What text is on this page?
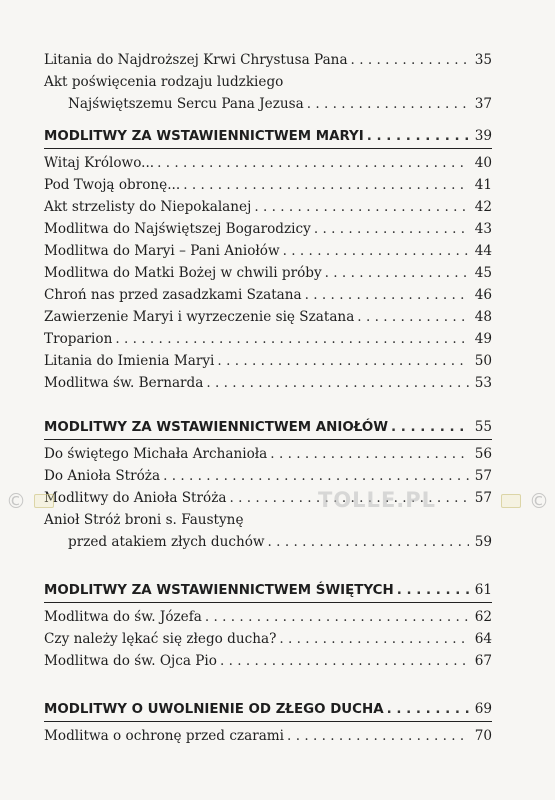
Litania do Najdroższej Krwi Chrystusa Pana . . .	35
Akt poświęcenia rodzaju ludzkiego
Najświętszemu Sercu Pana Jezusa . . .	37
MODLITWY ZA WSTAWIENNICTWEM MARYI . . .	39
Witaj Królowo... . . .	40
Pod Twoją obronę... . . .	41
Akt strzelisty do Niepokalanej . . .	42
Modlitwa do Najświętszej Bogarodzicy . . .	43
Modlitwa do Maryi – Pani Aniołów . . .	44
Modlitwa do Matki Bożej w chwili próby . . .	45
Chroń nas przed zasadzkami Szatana . . .	46
Zawierzenie Maryi i wyrzeczenie się Szatana . . .	48
Troparion . . .	49
Litania do Imienia Maryi . . .	50
Modlitwa św. Bernarda . . .	53
MODLITWY ZA WSTAWIENNICTWEM ANIOŁÓW . . .	55
Do świętego Michała Archanioła . . .	56
Do Anioła Stróża . . .	57
Modlitwy do Anioła Stróża . . .	57
Anioł Stróż broni s. Faustynę
przed atakiem złych duchów . . .	59
MODLITWY ZA WSTAWIENNICTWEM ŚWIĘTYCH . . .	61
Modlitwa do św. Józefa . . .	62
Czy należy lękać się złego ducha? . . .	64
Modlitwa do św. Ojca Pio . . .	67
MODLITWY O UWOLNIENIE OD ZŁEGO DUCHA . . .	69
Modlitwa o ochronę przed czarami . . .	70
©	TOLLE.PL	©
